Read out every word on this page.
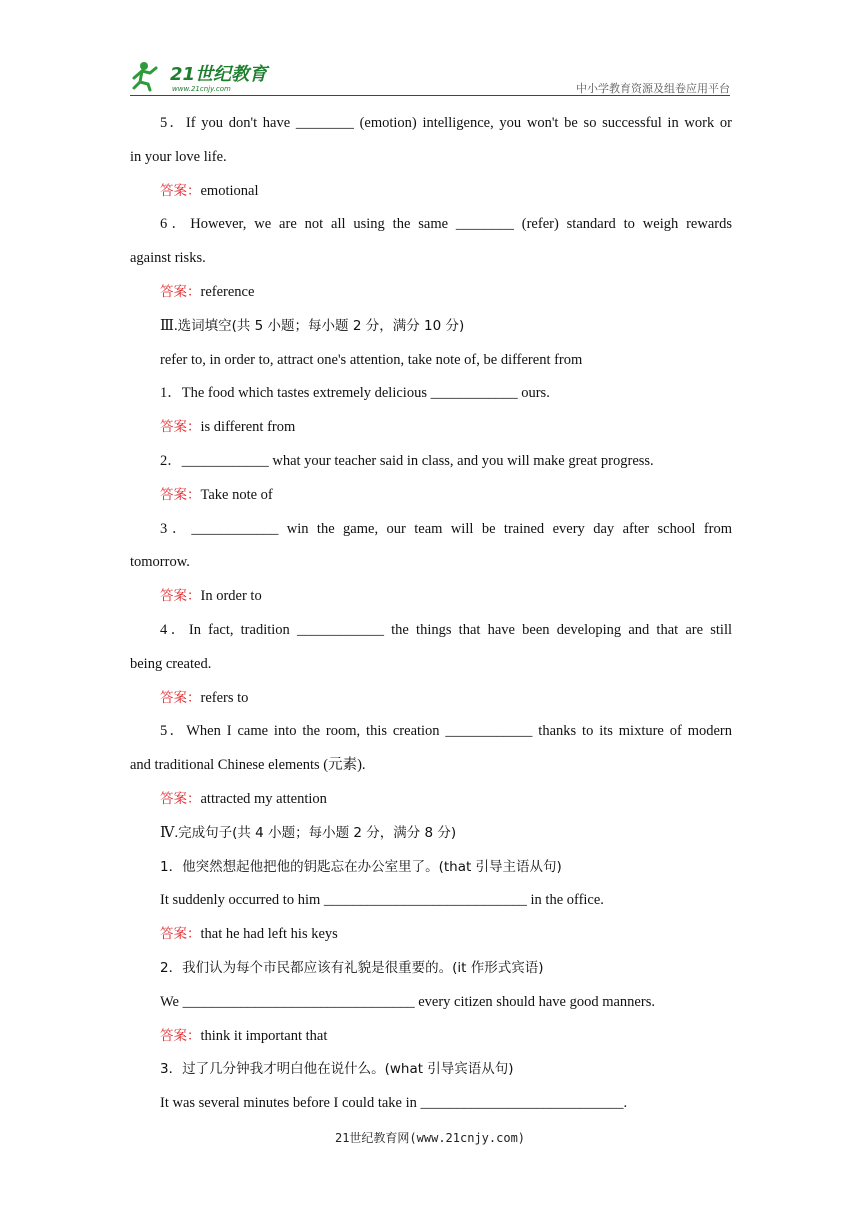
21世纪教育
www.21cnjy.com	中小学教育资源及组卷应用平台
5．If you don't have ________ (emotion) intelligence, you won't be so successful in work or
in your love life.
答案：emotional
6．However, we are not all using the same ________ (refer) standard to weigh rewards
against risks.
答案：reference
Ⅲ.选词填空(共 5 小题；每小题 2 分，满分 10 分)
refer to, in order to, attract one's attention, take note of, be different from
1．The food which tastes extremely delicious ____________ ours.
答案：is different from
2．____________ what your teacher said in class, and you will make great progress.
答案：Take note of
3．____________ win the game, our team will be trained every day after school from
tomorrow.
答案：In order to
4．In fact, tradition ____________ the things that have been developing and that are still
being created.
答案：refers to
5．When I came into the room, this creation ____________ thanks to its mixture of modern
and traditional Chinese elements (元素).
答案：attracted my attention
Ⅳ.完成句子(共 4 小题；每小题 2 分，满分 8 分)
1．他突然想起他把他的钥匙忘在办公室里了。(that 引导主语从句)
It suddenly occurred to him ____________________________ in the office.
答案：that he had left his keys
2．我们认为每个市民都应该有礼貌是很重要的。(it 作形式宾语)
We ________________________________ every citizen should have good manners.
答案：think it important that
3．过了几分钟我才明白他在说什么。(what 引导宾语从句)
It was several minutes before I could take in ____________________________.
21世纪教育网(www.21cnjy.com)
